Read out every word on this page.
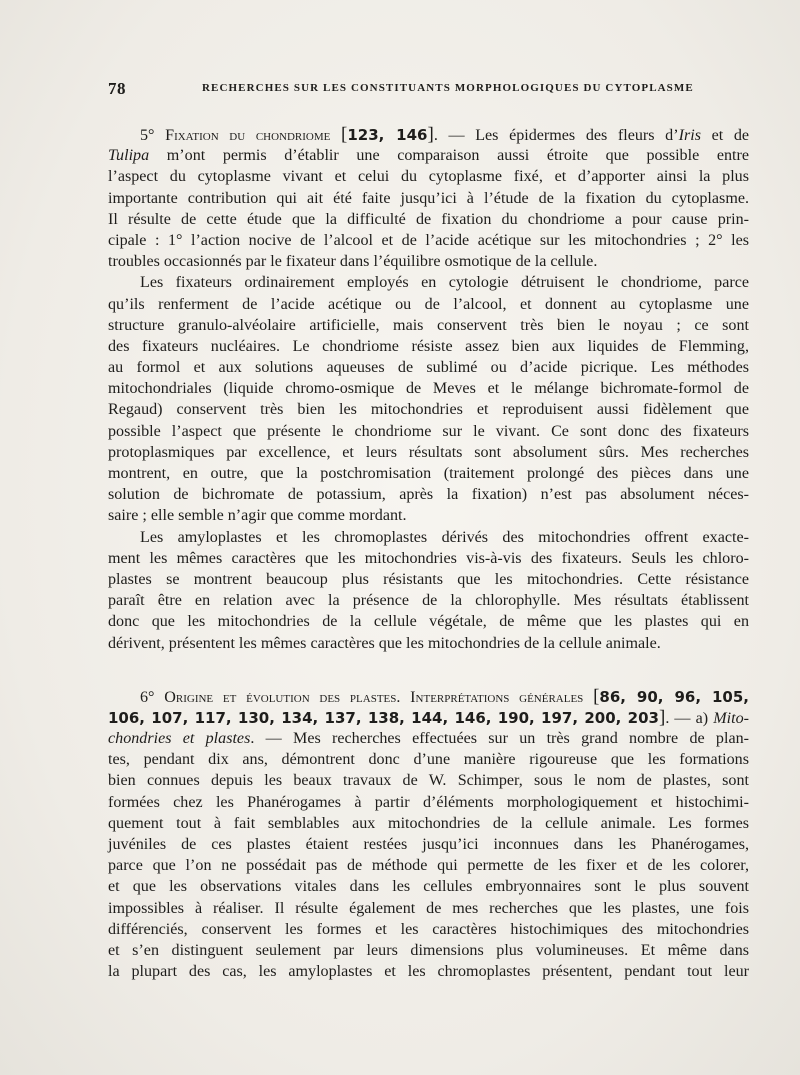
78	RECHERCHES SUR LES CONSTITUANTS MORPHOLOGIQUES DU CYTOPLASME
5° Fixation du chondriome [123, 146]. — Les épidermes des fleurs d’Iris et de
Tulipa m’ont permis d’établir une comparaison aussi étroite que possible entre
l’aspect du cytoplasme vivant et celui du cytoplasme fixé, et d’apporter ainsi la plus
importante contribution qui ait été faite jusqu’ici à l’étude de la fixation du cytoplasme.
Il résulte de cette étude que la difficulté de fixation du chondriome a pour cause prin-
cipale : 1° l’action nocive de l’alcool et de l’acide acétique sur les mitochondries ; 2° les
troubles occasionnés par le fixateur dans l’équilibre osmotique de la cellule.
Les fixateurs ordinairement employés en cytologie détruisent le chondriome, parce
qu’ils renferment de l’acide acétique ou de l’alcool, et donnent au cytoplasme une
structure granulo-alvéolaire artificielle, mais conservent très bien le noyau ; ce sont
des fixateurs nucléaires. Le chondriome résiste assez bien aux liquides de Flemming,
au formol et aux solutions aqueuses de sublimé ou d’acide picrique. Les méthodes
mitochondriales (liquide chromo-osmique de Meves et le mélange bichromate-formol de
Regaud) conservent très bien les mitochondries et reproduisent aussi fidèlement que
possible l’aspect que présente le chondriome sur le vivant. Ce sont donc des fixateurs
protoplasmiques par excellence, et leurs résultats sont absolument sûrs. Mes recherches
montrent, en outre, que la postchromisation (traitement prolongé des pièces dans une
solution de bichromate de potassium, après la fixation) n’est pas absolument néces-
saire ; elle semble n’agir que comme mordant.
Les amyloplastes et les chromoplastes dérivés des mitochondries offrent exacte-
ment les mêmes caractères que les mitochondries vis-à-vis des fixateurs. Seuls les chloro-
plastes se montrent beaucoup plus résistants que les mitochondries. Cette résistance
paraît être en relation avec la présence de la chlorophylle. Mes résultats établissent
donc que les mitochondries de la cellule végétale, de même que les plastes qui en
dérivent, présentent les mêmes caractères que les mitochondries de la cellule animale.
6° Origine et évolution des plastes. Interprétations générales [86, 90, 96, 105,
106, 107, 117, 130, 134, 137, 138, 144, 146, 190, 197, 200, 203]. — a) Mito-
chondries et plastes. — Mes recherches effectuées sur un très grand nombre de plan-
tes, pendant dix ans, démontrent donc d’une manière rigoureuse que les formations
bien connues depuis les beaux travaux de W. Schimper, sous le nom de plastes, sont
formées chez les Phanérogames à partir d’éléments morphologiquement et histochimi-
quement tout à fait semblables aux mitochondries de la cellule animale. Les formes
juvéniles de ces plastes étaient restées jusqu’ici inconnues dans les Phanérogames,
parce que l’on ne possédait pas de méthode qui permette de les fixer et de les colorer,
et que les observations vitales dans les cellules embryonnaires sont le plus souvent
impossibles à réaliser. Il résulte également de mes recherches que les plastes, une fois
différenciés, conservent les formes et les caractères histochimiques des mitochondries
et s’en distinguent seulement par leurs dimensions plus volumineuses. Et même dans
la plupart des cas, les amyloplastes et les chromoplastes présentent, pendant tout leur
